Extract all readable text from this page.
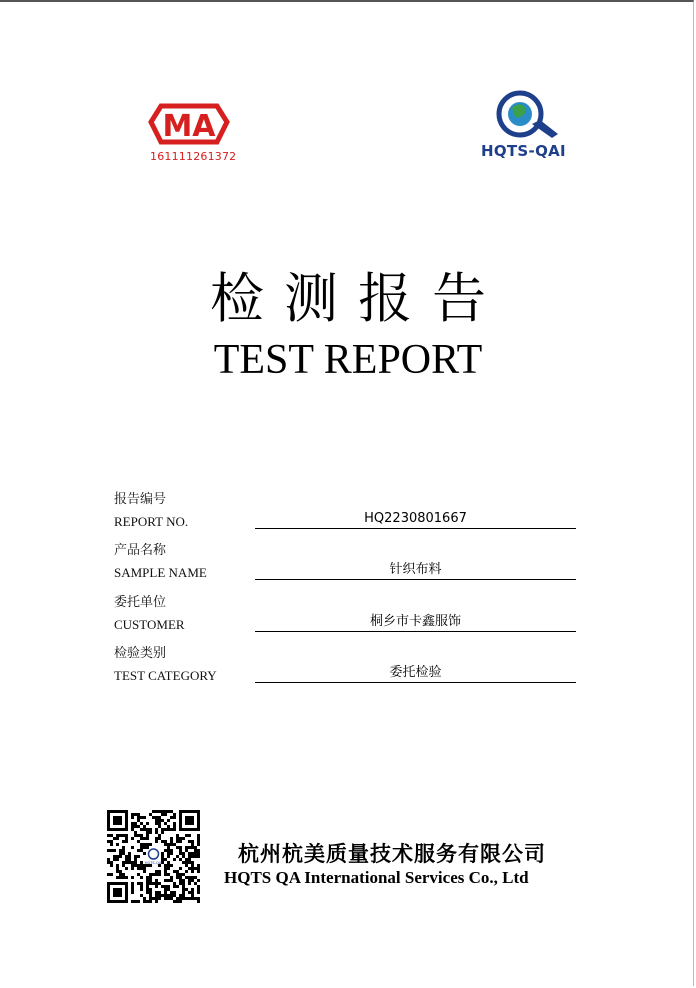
MA
161111261372	HQTS-QAI
检测报告
TEST REPORT
报告编号
REPORT NO.	HQ2230801667
产品名称
SAMPLE NAME	针织布料
委托单位
CUSTOMER	桐乡市卡鑫服饰
检验类别
TEST CATEGORY	委托检验
HQTS-QAI	杭州杭美质量技术服务有限公司
HQTS QA International Services Co., Ltd
